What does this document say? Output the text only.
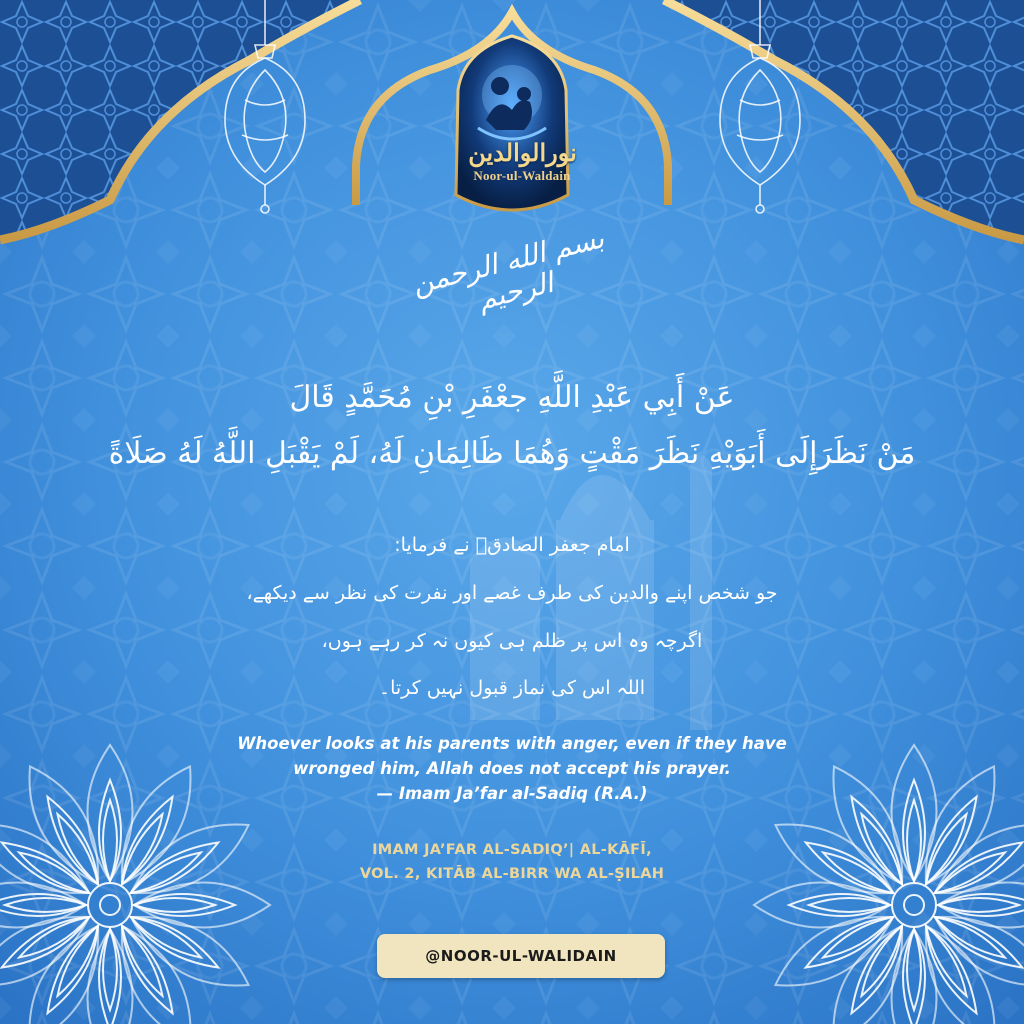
نورالوالدین
Noor-ul-Waldain
بسم الله الرحمن الرحيم
عَنْ أَبِي عَبْدِ اللَّهِ جعْفَرِ بْنِ مُحَمَّدٍ قَالَ
مَنْ نَظَرَإِلَى أَبَوَيْهِ نَظَرَ مَقْتٍ وَهُمَا ظَالِمَانِ لَهُ، لَمْ يَقْبَلِ اللَّهُ لَهُ صَلَاةً
امام جعفر الصادقؑ نے فرمایا:
جو شخص اپنے والدین کی طرف غصے اور نفرت کی نظر سے دیکھے،
اگرچہ وہ اس پر ظلم ہی کیوں نہ کر رہے ہوں،
اللہ اس کی نماز قبول نہیں کرتا۔
Whoever looks at his parents with anger, even if they have
wronged him, Allah does not accept his prayer.
— Imam Ja’far al-Sadiq (R.A.)
IMAM JA’FAR AL-SADIQ’| AL-KĀFĪ,
VOL. 2, KITĀB AL-BIRR WA AL-ṢILAH
@NOOR-UL-WALIDAIN
